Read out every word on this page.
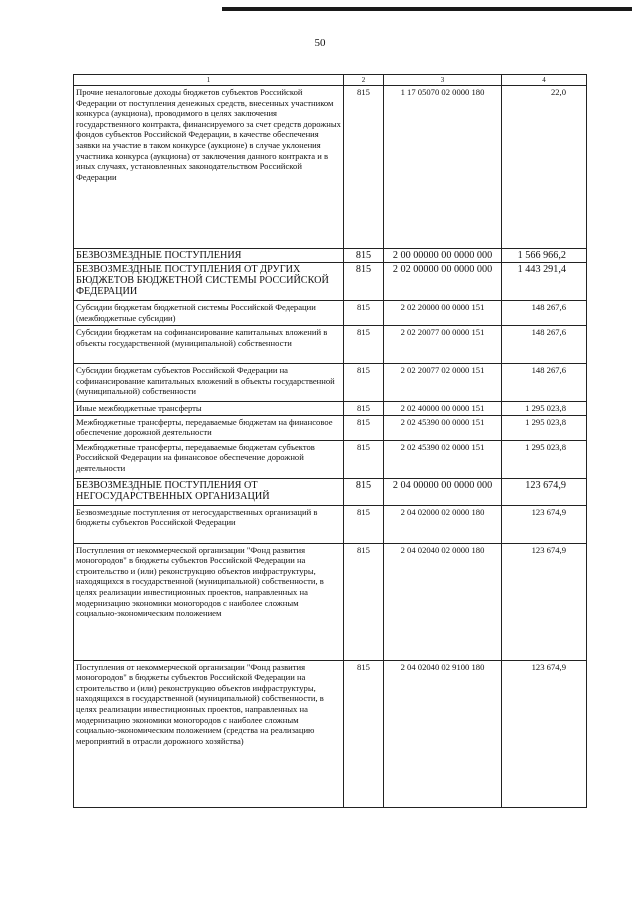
50
1	2	3	4
Прочие неналоговые доходы бюджетов субъектов Российской Федерации от поступления денежных средств, внесенных участником конкурса (аукциона), проводимого в целях заключения государственного контракта, финансируемого за счет средств дорожных фондов субъектов Российской Федерации, в качестве обеспечения заявки на участие в таком конкурсе (аукционе) в случае уклонения участника конкурса (аукциона) от заключения данного контракта и в иных случаях, установленных законодательством Российской Федерации	815	1 17 05070 02 0000 180	22,0
БЕЗВОЗМЕЗДНЫЕ ПОСТУПЛЕНИЯ	815	2 00 00000 00 0000 000	1 566 966,2
БЕЗВОЗМЕЗДНЫЕ ПОСТУПЛЕНИЯ ОТ ДРУГИХ БЮДЖЕТОВ БЮДЖЕТНОЙ СИСТЕМЫ РОССИЙСКОЙ ФЕДЕРАЦИИ	815	2 02 00000 00 0000 000	1 443 291,4
Субсидии бюджетам бюджетной системы Российской Федерации (межбюджетные субсидии)	815	2 02 20000 00 0000 151	148 267,6
Субсидии бюджетам на софинансирование капитальных вложений в объекты государственной (муниципальной) собственности	815	2 02 20077 00 0000 151	148 267,6
Субсидии бюджетам субъектов Российской Федерации на софинансирование капитальных вложений в объекты государственной (муниципальной) собственности	815	2 02 20077 02 0000 151	148 267,6
Иные межбюджетные трансферты	815	2 02 40000 00 0000 151	1 295 023,8
Межбюджетные трансферты, передаваемые бюджетам на финансовое обеспечение дорожной деятельности	815	2 02 45390 00 0000 151	1 295 023,8
Межбюджетные трансферты, передаваемые бюджетам субъектов Российской Федерации на финансовое обеспечение дорожной деятельности	815	2 02 45390 02 0000 151	1 295 023,8
БЕЗВОЗМЕЗДНЫЕ ПОСТУПЛЕНИЯ ОТ НЕГОСУДАРСТВЕННЫХ ОРГАНИЗАЦИЙ	815	2 04 00000 00 0000 000	123 674,9
Безвозмездные поступления от негосударственных организаций в бюджеты субъектов Российской Федерации	815	2 04 02000 02 0000 180	123 674,9
Поступления от некоммерческой организации "Фонд развития моногородов" в бюджеты субъектов Российской Федерации на строительство и (или) реконструкцию объектов инфраструктуры, находящихся в государственной (муниципальной) собственности, в целях реализации инвестиционных проектов, направленных на модернизацию экономики моногородов с наиболее сложным социально-экономическим положением	815	2 04 02040 02 0000 180	123 674,9
Поступления от некоммерческой организации "Фонд развития моногородов" в бюджеты субъектов Российской Федерации на строительство и (или) реконструкцию объектов инфраструктуры, находящихся в государственной (муниципальной) собственности, в целях реализации инвестиционных проектов, направленных на модернизацию экономики моногородов с наиболее сложным социально-экономическим положением (средства на реализацию мероприятий в отрасли дорожного хозяйства)	815	2 04 02040 02 9100 180	123 674,9
